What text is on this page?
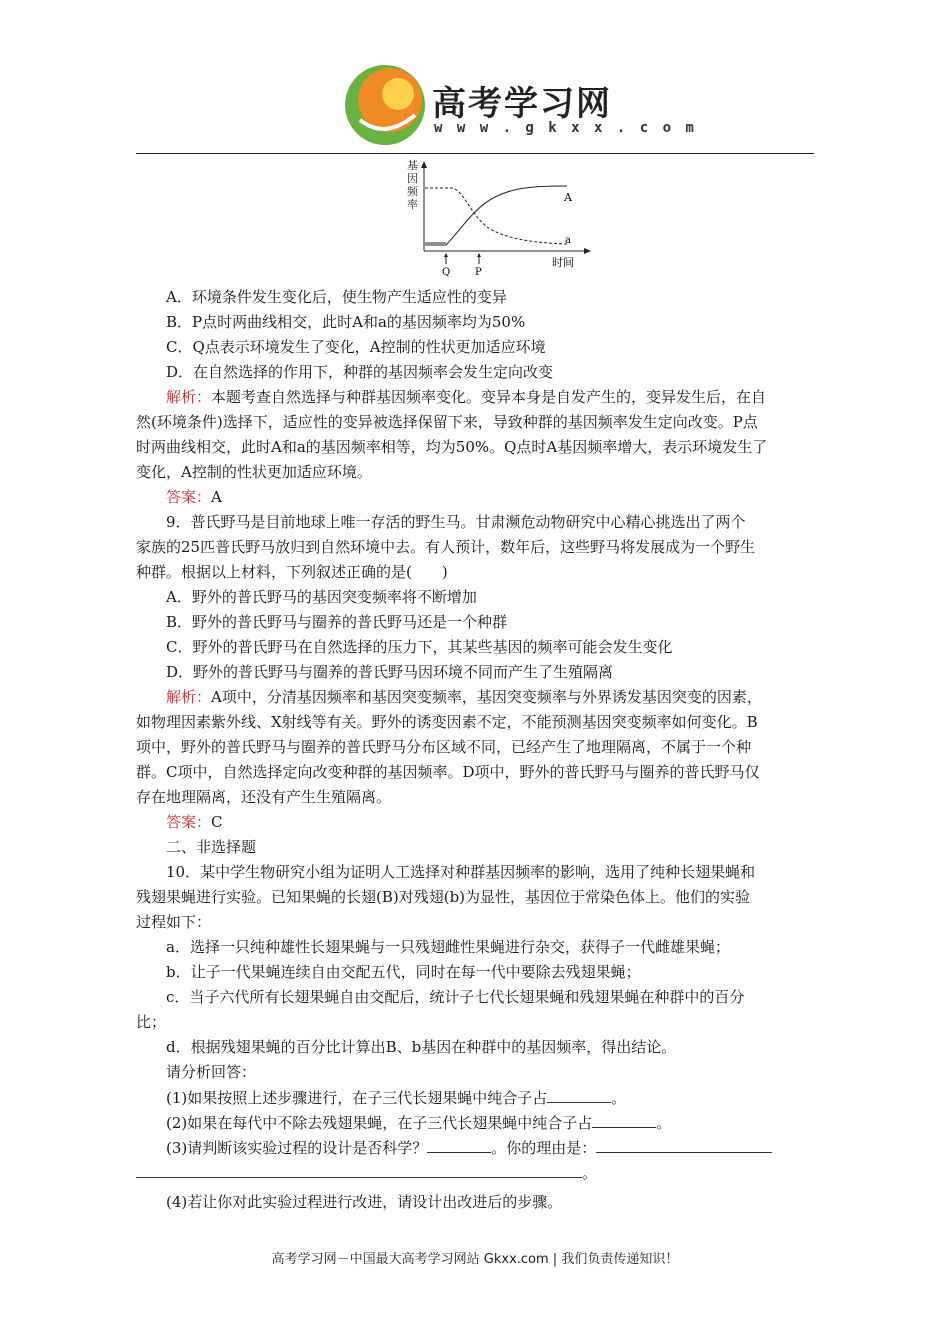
高考学习网
w w w . g k x x . c o m
基
因
频
率
A
a
Q P
时间
A．环境条件发生变化后，使生物产生适应性的变异
B．P点时两曲线相交，此时A和a的基因频率均为50%
C．Q点表示环境发生了变化，A控制的性状更加适应环境
D．在自然选择的作用下，种群的基因频率会发生定向改变
解析：本题考查自然选择与种群基因频率变化。变异本身是自发产生的，变异发生后，在自
然(环境条件)选择下，适应性的变异被选择保留下来，导致种群的基因频率发生定向改变。P点
时两曲线相交，此时A和a的基因频率相等，均为50%。Q点时A基因频率增大，表示环境发生了
变化，A控制的性状更加适应环境。
答案：A
9．普氏野马是目前地球上唯一存活的野生马。甘肃濒危动物研究中心精心挑选出了两个
家族的25匹普氏野马放归到自然环境中去。有人预计，数年后，这些野马将发展成为一个野生
种群。根据以上材料，下列叙述正确的是(　　)
A．野外的普氏野马的基因突变频率将不断增加
B．野外的普氏野马与圈养的普氏野马还是一个种群
C．野外的普氏野马在自然选择的压力下，其某些基因的频率可能会发生变化
D．野外的普氏野马与圈养的普氏野马因环境不同而产生了生殖隔离
解析：A项中，分清基因频率和基因突变频率，基因突变频率与外界诱发基因突变的因素，
如物理因素紫外线、X射线等有关。野外的诱变因素不定，不能预测基因突变频率如何变化。B
项中，野外的普氏野马与圈养的普氏野马分布区域不同，已经产生了地理隔离，不属于一个种
群。C项中，自然选择定向改变种群的基因频率。D项中，野外的普氏野马与圈养的普氏野马仅
存在地理隔离，还没有产生生殖隔离。
答案：C
二、非选择题
10．某中学生物研究小组为证明人工选择对种群基因频率的影响，选用了纯种长翅果蝇和
残翅果蝇进行实验。已知果蝇的长翅(B)对残翅(b)为显性，基因位于常染色体上。他们的实验
过程如下：
a．选择一只纯种雄性长翅果蝇与一只残翅雌性果蝇进行杂交，获得子一代雌雄果蝇；
b．让子一代果蝇连续自由交配五代，同时在每一代中要除去残翅果蝇；
c．当子六代所有长翅果蝇自由交配后，统计子七代长翅果蝇和残翅果蝇在种群中的百分
比；
d．根据残翅果蝇的百分比计算出B、b基因在种群中的基因频率，得出结论。
请分析回答：
(1)如果按照上述步骤进行，在子三代长翅果蝇中纯合子占	。
(2)如果在每代中不除去残翅果蝇，在子三代长翅果蝇中纯合子占	。
(3)请判断该实验过程的设计是否科学？	。你的理由是：
。
(4)若让你对此实验过程进行改进，请设计出改进后的步骤。
高考学习网－中国最大高考学习网站 Gkxx.com | 我们负责传递知识！
